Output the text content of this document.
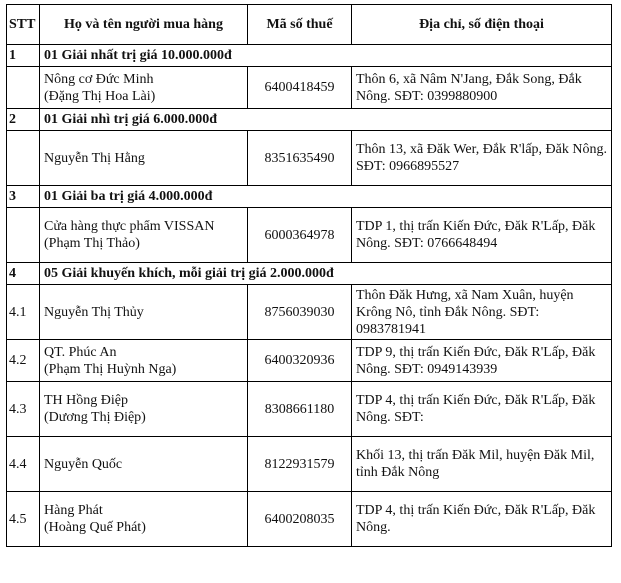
STT	Họ và tên người mua hàng	Mã số thuế	Địa chỉ, số điện thoại
1	01 Giải nhất trị giá 10.000.000đ		

	Nông cơ Đức Minh
(Đặng Thị Hoa Lài)	6400418459	Thôn 6, xã Nâm N'Jang, Đắk Song, Đắk Nông. SĐT: 0399880900

2	01 Giải nhì trị giá 6.000.000đ		

	Nguyễn Thị Hằng	8351635490	Thôn 13, xã Đăk Wer, Đắk R'lấp, Đăk Nông. SĐT: 0966895527

3	01 Giải ba trị giá 4.000.000đ		

	Cửa hàng thực phẩm VISSAN
(Phạm Thị Thảo)	6000364978	TDP 1, thị trấn Kiến Đức, Đăk R'Lấp, Đăk Nông. SĐT: 0766648494

4	05 Giải khuyến khích, mỗi giải trị giá 2.000.000đ		
4.1	Nguyễn Thị Thủy	8756039030	Thôn Đăk Hưng, xã Nam Xuân, huyện Krông Nô, tỉnh Đắk Nông. SĐT: 0983781941

4.2	QT. Phúc An
(Phạm Thị Huỳnh Nga)	6400320936	TDP 9, thị trấn Kiến Đức, Đăk R'Lấp, Đăk Nông. SĐT: 0949143939

4.3	TH Hồng Điệp
(Dương Thị Điệp)	8308661180	TDP 4, thị trấn Kiến Đức, Đăk R'Lấp, Đăk Nông. SĐT:

4.4	Nguyễn Quốc	8122931579	Khối 13, thị trấn Đăk Mil, huyện Đăk Mil, tỉnh Đắk Nông

4.5	Hàng Phát
(Hoàng Quế Phát)	6400208035	TDP 4, thị trấn Kiến Đức, Đăk R'Lấp, Đăk Nông.
